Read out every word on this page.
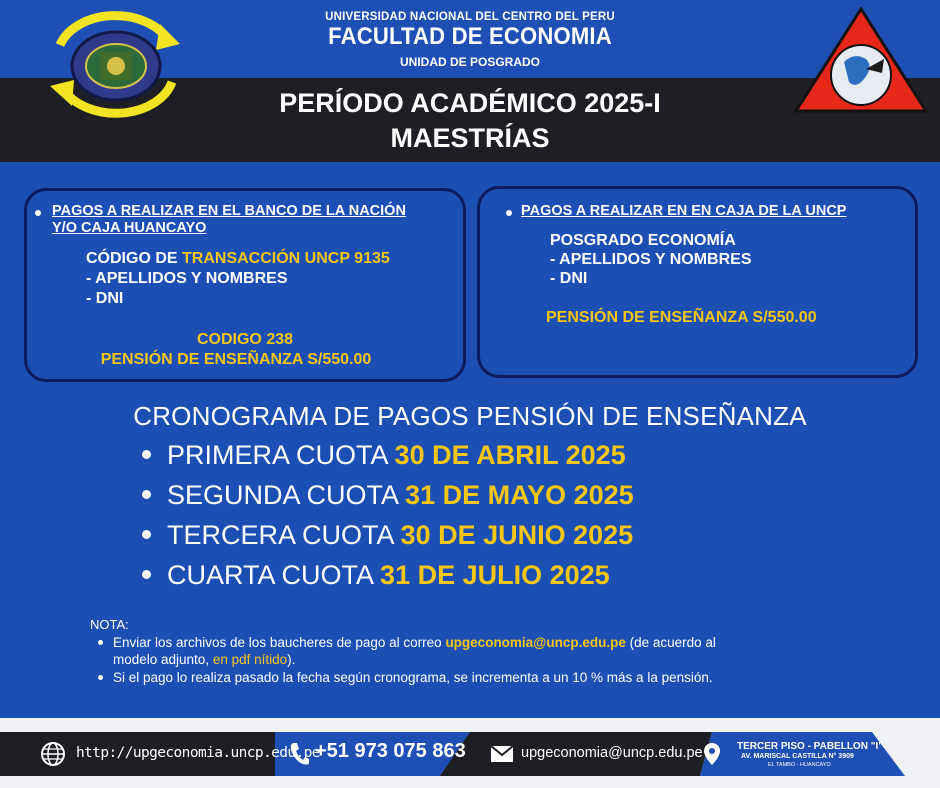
UNIVERSIDAD NACIONAL DEL CENTRO DEL PERU
FACULTAD DE ECONOMIA
UNIDAD DE POSGRADO
PERÍODO ACADÉMICO 2025-I
MAESTRÍAS
PAGOS A REALIZAR EN EL BANCO DE LA NACIÓN
Y/O CAJA HUANCAYO
CÓDIGO DE TRANSACCIÓN UNCP 9135
- APELLIDOS Y NOMBRES
- DNI
CODIGO 238
PENSIÓN DE ENSEÑANZA S/550.00
PAGOS A REALIZAR EN EN CAJA DE LA UNCP
POSGRADO ECONOMÍA
- APELLIDOS Y NOMBRES
- DNI
PENSIÓN DE ENSEÑANZA S/550.00
CRONOGRAMA DE PAGOS PENSIÓN DE ENSEÑANZA
PRIMERA CUOTA 30 DE ABRIL 2025
SEGUNDA CUOTA 31 DE MAYO 2025
TERCERA CUOTA 30 DE JUNIO 2025
CUARTA CUOTA 31 DE JULIO 2025
NOTA:
Enviar los archivos de los baucheres de pago al correo upgeconomia@uncp.edu.pe (de acuerdo al
modelo adjunto, en pdf nítido).
Si el pago lo realiza pasado la fecha según cronograma, se incrementa a un 10 % más a la pensión.
http://upgeconomia.uncp.edu.pe
+51 973 075 863	upgeconomia@uncp.edu.pe	TERCER PISO - PABELLON "I"
AV. MARISCAL CASTILLA N° 3909
EL TAMBO - HUANCAYO
